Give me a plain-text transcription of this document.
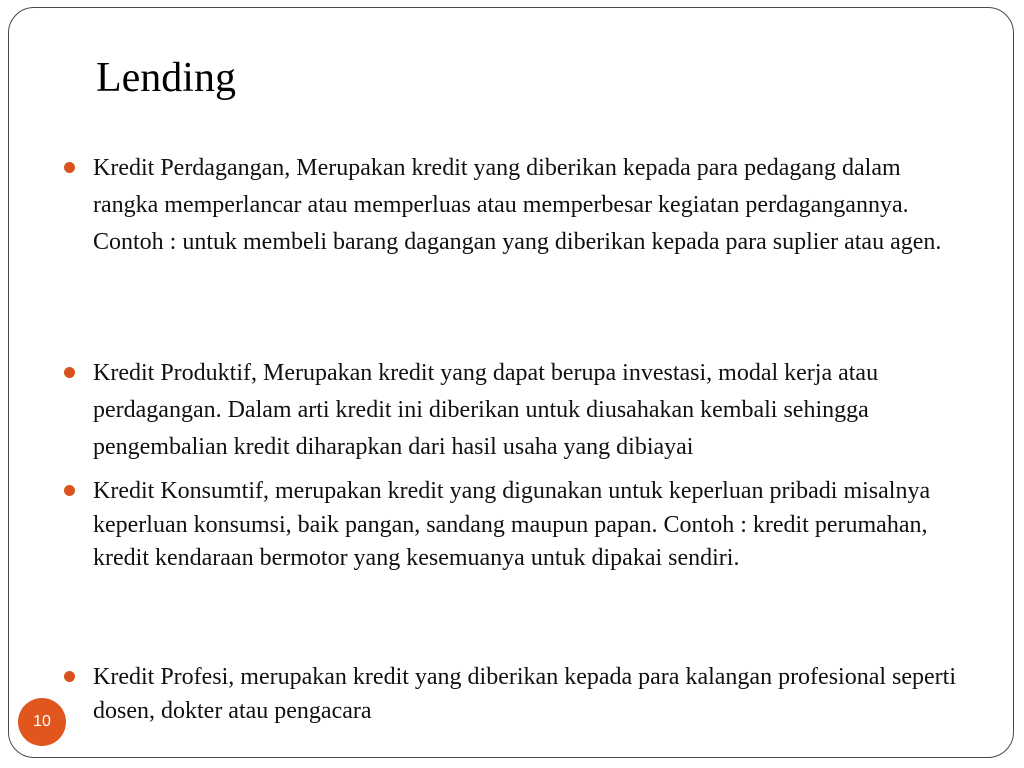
Lending
Kredit Perdagangan, Merupakan kredit yang diberikan kepada para pedagang dalam rangka memperlancar atau memperluas atau memperbesar kegiatan perdagangannya. Contoh : untuk membeli barang dagangan yang diberikan kepada para suplier atau agen.
Kredit Produktif, Merupakan kredit yang dapat berupa investasi, modal kerja atau perdagangan. Dalam arti kredit ini diberikan untuk diusahakan kembali sehingga pengembalian kredit diharapkan dari hasil usaha yang dibiayai
Kredit Konsumtif, merupakan kredit yang digunakan untuk keperluan pribadi misalnya keperluan konsumsi, baik pangan, sandang maupun papan. Contoh : kredit perumahan, kredit kendaraan bermotor yang kesemuanya untuk dipakai sendiri.
Kredit Profesi, merupakan kredit yang diberikan kepada para kalangan profesional seperti dosen, dokter atau pengacara
10
